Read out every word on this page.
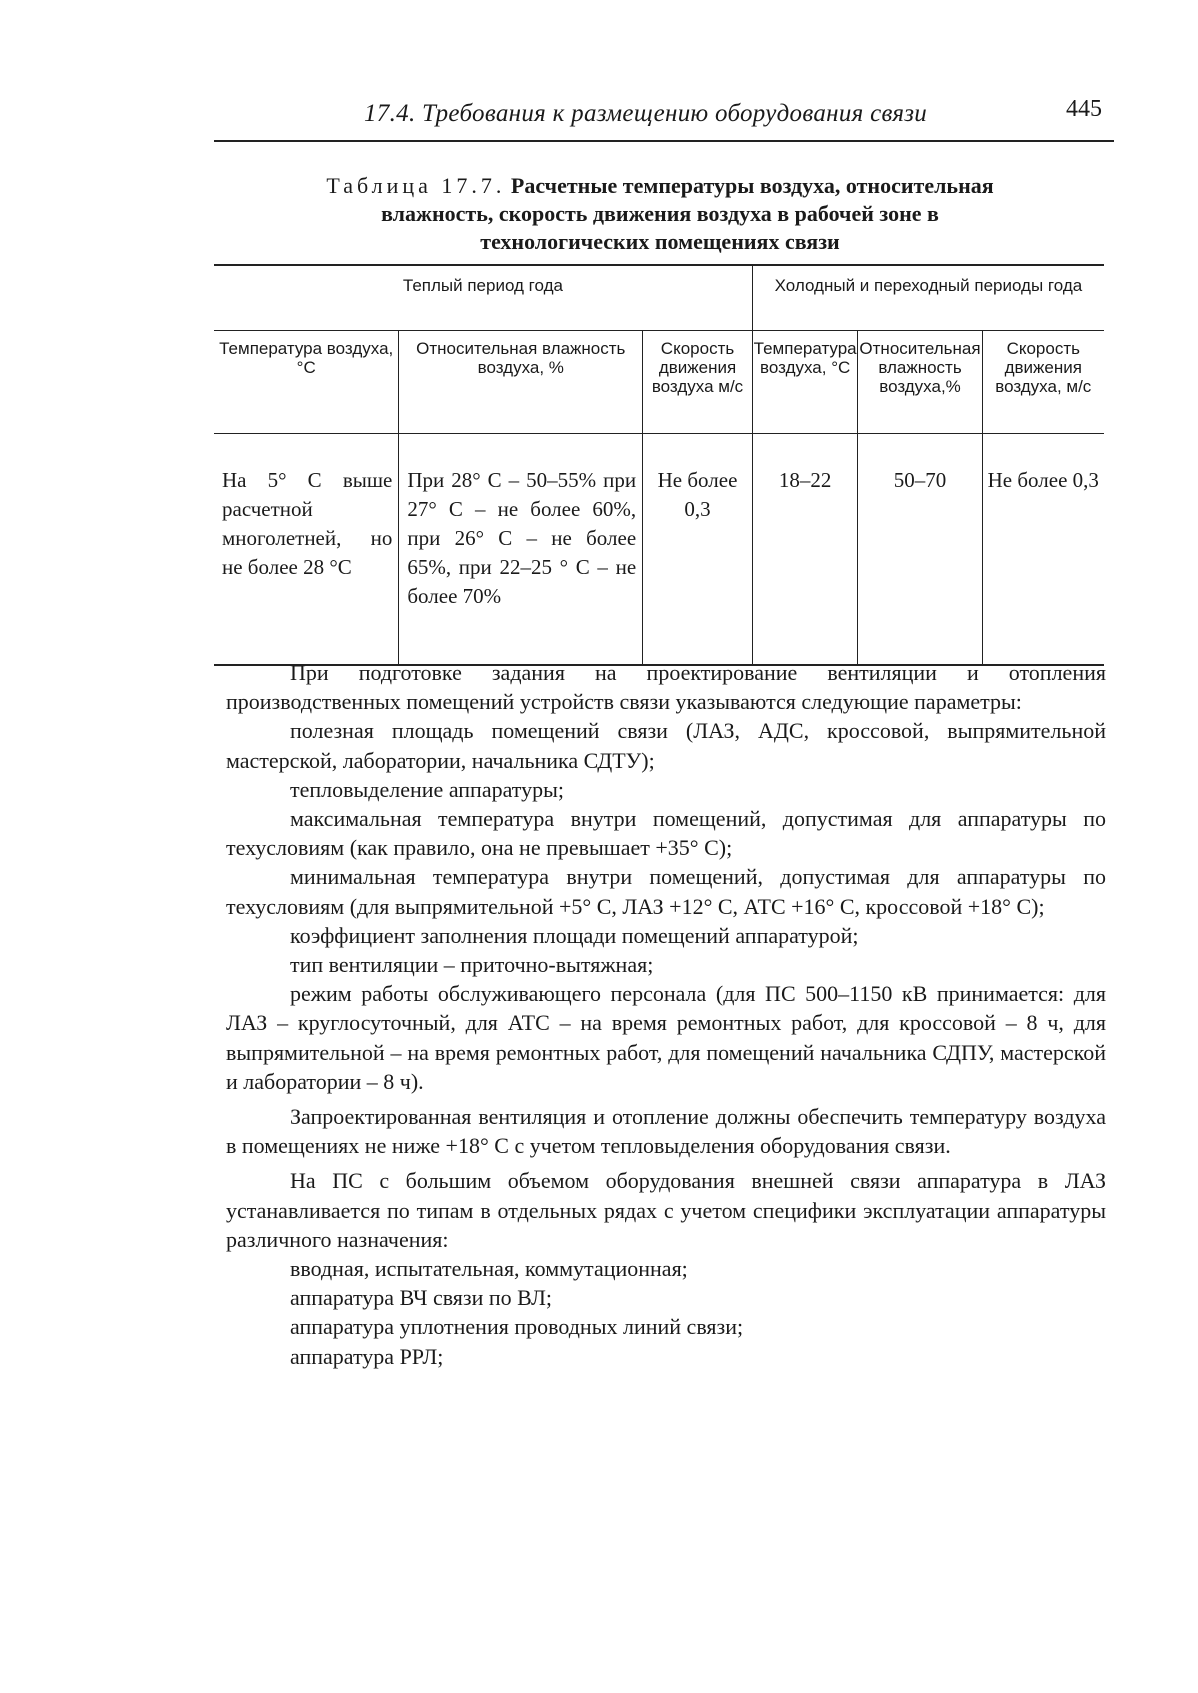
17.4. Требования к размещению оборудования связи	445
Таблица 17.7. Расчетные температуры воздуха, относительная влажность, скорость движения воздуха в рабочей зоне в технологических помещениях связи
Теплый период года			Холодный и переходный периоды года		
Температура воздуха, °С	Относительная влажность воздуха, %	Скорость движения воздуха м/с	Температура воздуха, °С	Относительная влажность воздуха,%	Скорость движения воздуха, м/с
На 5° С выше расчетной многолетней, но не более 28 °С	При 28° С – 50–55% при 27° С – не более 60%, при 26° С – не более 65%, при 22–25 ° С – не более 70%	Не более 0,3	18–22	50–70	Не более 0,3

При подготовке задания на проектирование вентиляции и отопления производственных помещений устройств связи указываются следующие параметры:

полезная площадь помещений связи (ЛАЗ, АДС, кроссовой, выпрямительной мастерской, лаборатории, начальника СДТУ);

тепловыделение аппаратуры;

максимальная температура внутри помещений, допустимая для аппаратуры по техусловиям (как правило, она не превышает +35° С);

минимальная температура внутри помещений, допустимая для аппаратуры по техусловиям (для выпрямительной +5° С, ЛАЗ +12° С, АТС +16° С, кроссовой +18° С);

коэффициент заполнения площади помещений аппаратурой;

тип вентиляции – приточно-вытяжная;

режим работы обслуживающего персонала (для ПС 500–1150 кВ принимается: для ЛАЗ – круглосуточный, для АТС – на время ремонтных работ, для кроссовой – 8 ч, для выпрямительной – на время ремонтных работ, для помещений начальника СДПУ, мастерской и лаборатории – 8 ч).

Запроектированная вентиляция и отопление должны обеспечить температуру воздуха в помещениях не ниже +18° С с учетом тепловыделения оборудования связи.

На ПС с большим объемом оборудования внешней связи аппаратура в ЛАЗ устанавливается по типам в отдельных рядах с учетом специфики эксплуатации аппаратуры различного назначения:

вводная, испытательная, коммутационная;

аппаратура ВЧ связи по ВЛ;

аппаратура уплотнения проводных линий связи;

аппаратура РРЛ;
